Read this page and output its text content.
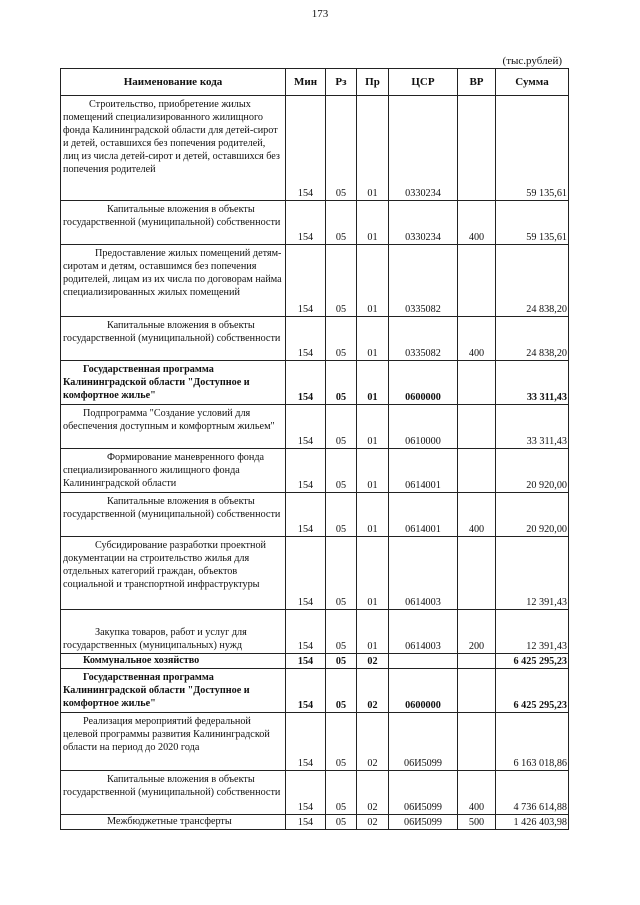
173
(тыс.рублей)
Наименование кода	Мин	Рз	Пр	ЦСР	ВР	Сумма
Строительство, приобретение жилых помещений специализированного жилищного фонда Калининградской области для детей-сирот и детей, оставшихся без попечения родителей, лиц из числа детей-сирот и детей, оставшихся без попечения родителей	154	05	01	0330234		59 135,61
Капитальные вложения в объекты государственной (муниципальной) собственности	154	05	01	0330234	400	59 135,61
Предоставление жилых помещений детям-сиротам и детям, оставшимся без попечения родителей, лицам из их числа по договорам найма специализированных жилых помещений	154	05	01	0335082		24 838,20
Капитальные вложения в объекты государственной (муниципальной) собственности	154	05	01	0335082	400	24 838,20
Государственная программа Калининградской области "Доступное и комфортное жилье"	154	05	01	0600000		33 311,43
Подпрограмма "Создание условий для обеспечения доступным и комфортным жильем"	154	05	01	0610000		33 311,43
Формирование маневренного фонда специализированного жилищного фонда Калининградской области	154	05	01	0614001		20 920,00
Капитальные вложения в объекты государственной (муниципальной) собственности	154	05	01	0614001	400	20 920,00
Субсидирование разработки проектной документации на строительство жилья для отдельных категорий граждан, объектов социальной и транспортной инфраструктуры	154	05	01	0614003		12 391,43
Закупка товаров, работ и услуг для государственных (муниципальных) нужд	154	05	01	0614003	200	12 391,43
Коммунальное хозяйство	154	05	02			6 425 295,23
Государственная программа Калининградской области "Доступное и комфортное жилье"	154	05	02	0600000		6 425 295,23
Реализация мероприятий федеральной целевой программы развития Калининградской области на период до 2020 года	154	05	02	06И5099		6 163 018,86
Капитальные вложения в объекты государственной (муниципальной) собственности	154	05	02	06И5099	400	4 736 614,88
Межбюджетные трансферты	154	05	02	06И5099	500	1 426 403,98
